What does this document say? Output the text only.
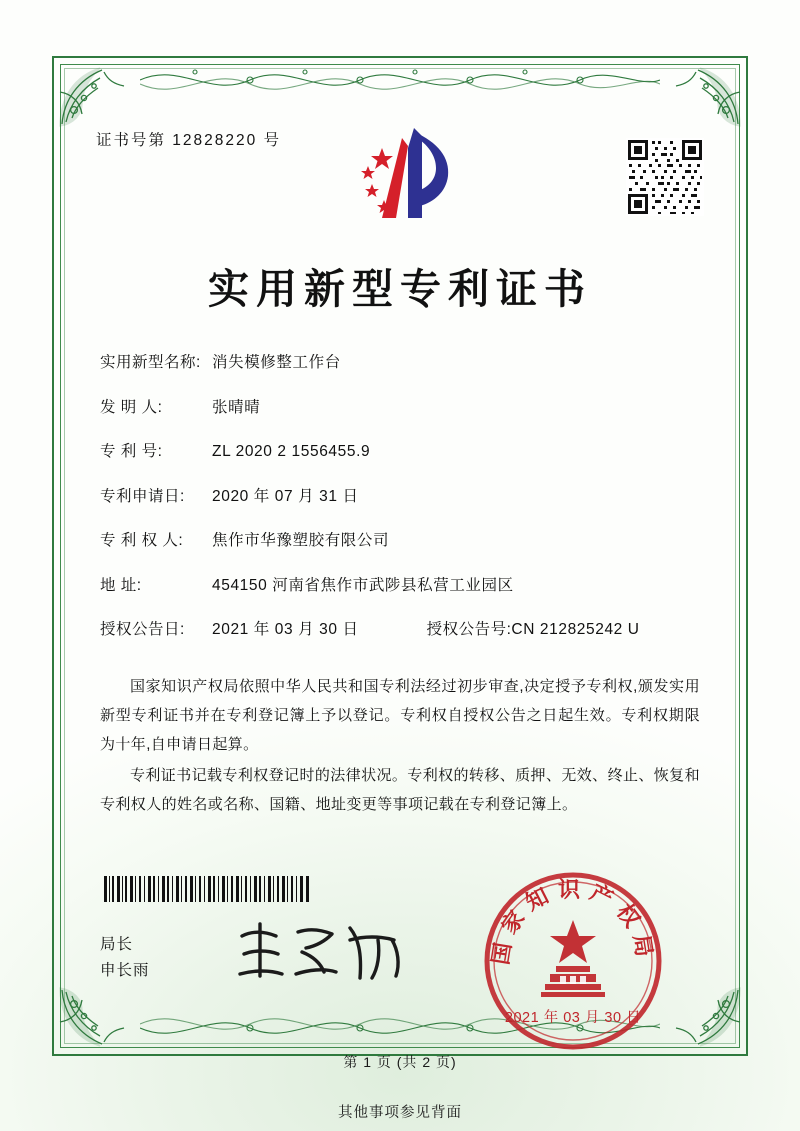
证书号第 12828220 号
实用新型专利证书
实用新型名称: 消失模修整工作台
发 明 人:	张晴晴
专 利 号:	ZL 2020 2 1556455.9
专利申请日:	2020 年 07 月 31 日
专 利 权 人:	焦作市华豫塑胶有限公司
地 址:	454150 河南省焦作市武陟县私营工业园区
授权公告日:	2021 年 03 月 30 日	授权公告号: CN 212825242 U

国家知识产权局依照中华人民共和国专利法经过初步审查,决定授予专利权,颁发实用新型专利证书并在专利登记簿上予以登记。专利权自授权公告之日起生效。专利权期限为十年,自申请日起算。

专利证书记载专利权登记时的法律状况。专利权的转移、质押、无效、终止、恢复和专利权人的姓名或名称、国籍、地址变更等事项记载在专利登记簿上。

局长
申长雨
国家知识产权局
2021 年 03 月 30 日
第 1 页 (共 2 页)
其他事项参见背面
